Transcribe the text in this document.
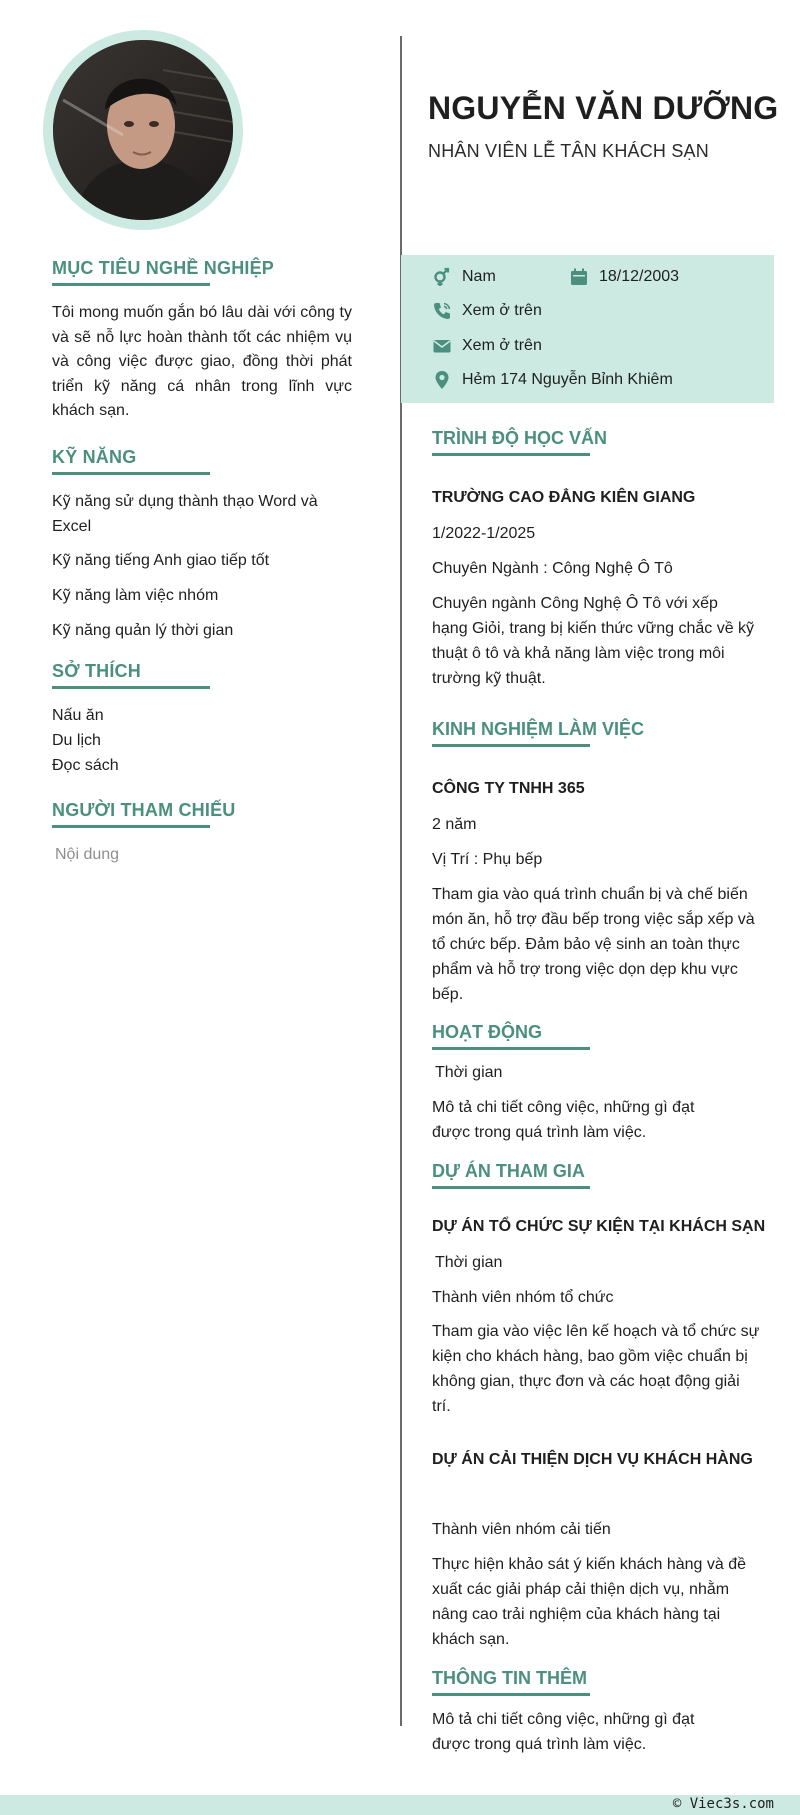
MỤC TIÊU NGHỀ NGHIỆP

Tôi mong muốn gắn bó lâu dài với công ty và sẽ nỗ lực hoàn thành tốt các nhiệm vụ và công việc được giao, đồng thời phát triển kỹ năng cá nhân trong lĩnh vực khách sạn.

KỸ NĂNG
Kỹ năng sử dụng thành thạo Word và Excel
Kỹ năng tiếng Anh giao tiếp tốt
Kỹ năng làm việc nhóm
Kỹ năng quản lý thời gian
SỞ THÍCH
Nấu ăn
Du lịch
Đọc sách
NGƯỜI THAM CHIẾU
Nội dung
NGUYỄN VĂN DƯỠNG

NHÂN VIÊN LỄ TÂN KHÁCH SẠN

Nam	18/12/2003
Xem ở trên
Xem ở trên
Hẻm 174 Nguyễn Bỉnh Khiêm
TRÌNH ĐỘ HỌC VẤN
TRƯỜNG CAO ĐẲNG KIÊN GIANG
1/2022-1/2025
Chuyên Ngành : Công Nghệ Ô Tô
Chuyên ngành Công Nghệ Ô Tô với xếp hạng Giỏi, trang bị kiến thức vững chắc về kỹ thuật ô tô và khả năng làm việc trong môi trường kỹ thuật.
KINH NGHIỆM LÀM VIỆC
CÔNG TY TNHH 365
2 năm
Vị Trí : Phụ bếp
Tham gia vào quá trình chuẩn bị và chế biến món ăn, hỗ trợ đầu bếp trong việc sắp xếp và tổ chức bếp. Đảm bảo vệ sinh an toàn thực phẩm và hỗ trợ trong việc dọn dẹp khu vực bếp.
HOẠT ĐỘNG
Thời gian
Mô tả chi tiết công việc, những gì đạt được trong quá trình làm việc.
DỰ ÁN THAM GIA
DỰ ÁN TỔ CHỨC SỰ KIỆN TẠI KHÁCH SẠN
Thời gian
Thành viên nhóm tổ chức
Tham gia vào việc lên kế hoạch và tổ chức sự kiện cho khách hàng, bao gồm việc chuẩn bị không gian, thực đơn và các hoạt động giải trí.
DỰ ÁN CẢI THIỆN DỊCH VỤ KHÁCH HÀNG
Thành viên nhóm cải tiến
Thực hiện khảo sát ý kiến khách hàng và đề xuất các giải pháp cải thiện dịch vụ, nhằm nâng cao trải nghiệm của khách hàng tại khách sạn.
THÔNG TIN THÊM
Mô tả chi tiết công việc, những gì đạt được trong quá trình làm việc.
© Viec3s.com
